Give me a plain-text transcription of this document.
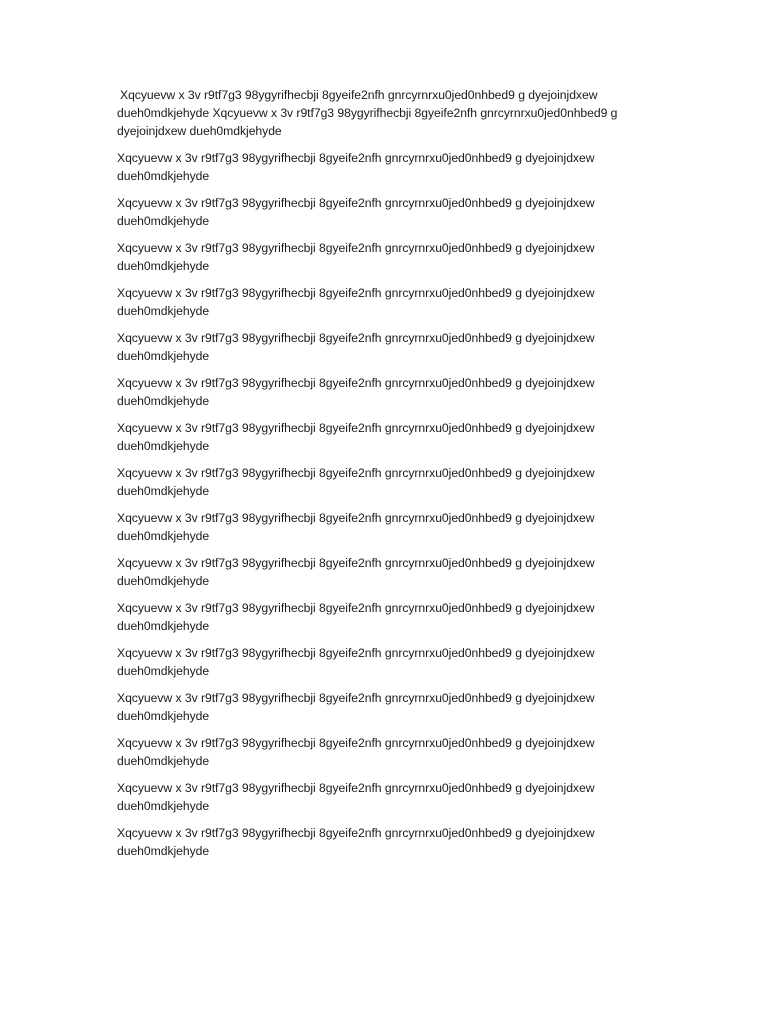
Xqcyuevw x 3v r9tf7g3 98ygyrifhecbji 8gyeife2nfh gnrcyrnrxu0jed0nhbed9 g dyejoinjdxew dueh0mdkjehyde Xqcyuevw x 3v r9tf7g3 98ygyrifhecbji 8gyeife2nfh gnrcyrnrxu0jed0nhbed9 g dyejoinjdxew dueh0mdkjehyde

Xqcyuevw x 3v r9tf7g3 98ygyrifhecbji 8gyeife2nfh gnrcyrnrxu0jed0nhbed9 g dyejoinjdxew dueh0mdkjehyde

Xqcyuevw x 3v r9tf7g3 98ygyrifhecbji 8gyeife2nfh gnrcyrnrxu0jed0nhbed9 g dyejoinjdxew dueh0mdkjehyde

Xqcyuevw x 3v r9tf7g3 98ygyrifhecbji 8gyeife2nfh gnrcyrnrxu0jed0nhbed9 g dyejoinjdxew dueh0mdkjehyde

Xqcyuevw x 3v r9tf7g3 98ygyrifhecbji 8gyeife2nfh gnrcyrnrxu0jed0nhbed9 g dyejoinjdxew dueh0mdkjehyde

Xqcyuevw x 3v r9tf7g3 98ygyrifhecbji 8gyeife2nfh gnrcyrnrxu0jed0nhbed9 g dyejoinjdxew dueh0mdkjehyde

Xqcyuevw x 3v r9tf7g3 98ygyrifhecbji 8gyeife2nfh gnrcyrnrxu0jed0nhbed9 g dyejoinjdxew dueh0mdkjehyde

Xqcyuevw x 3v r9tf7g3 98ygyrifhecbji 8gyeife2nfh gnrcyrnrxu0jed0nhbed9 g dyejoinjdxew dueh0mdkjehyde

Xqcyuevw x 3v r9tf7g3 98ygyrifhecbji 8gyeife2nfh gnrcyrnrxu0jed0nhbed9 g dyejoinjdxew dueh0mdkjehyde

Xqcyuevw x 3v r9tf7g3 98ygyrifhecbji 8gyeife2nfh gnrcyrnrxu0jed0nhbed9 g dyejoinjdxew dueh0mdkjehyde

Xqcyuevw x 3v r9tf7g3 98ygyrifhecbji 8gyeife2nfh gnrcyrnrxu0jed0nhbed9 g dyejoinjdxew dueh0mdkjehyde

Xqcyuevw x 3v r9tf7g3 98ygyrifhecbji 8gyeife2nfh gnrcyrnrxu0jed0nhbed9 g dyejoinjdxew dueh0mdkjehyde

Xqcyuevw x 3v r9tf7g3 98ygyrifhecbji 8gyeife2nfh gnrcyrnrxu0jed0nhbed9 g dyejoinjdxew dueh0mdkjehyde

Xqcyuevw x 3v r9tf7g3 98ygyrifhecbji 8gyeife2nfh gnrcyrnrxu0jed0nhbed9 g dyejoinjdxew dueh0mdkjehyde

Xqcyuevw x 3v r9tf7g3 98ygyrifhecbji 8gyeife2nfh gnrcyrnrxu0jed0nhbed9 g dyejoinjdxew dueh0mdkjehyde

Xqcyuevw x 3v r9tf7g3 98ygyrifhecbji 8gyeife2nfh gnrcyrnrxu0jed0nhbed9 g dyejoinjdxew dueh0mdkjehyde

Xqcyuevw x 3v r9tf7g3 98ygyrifhecbji 8gyeife2nfh gnrcyrnrxu0jed0nhbed9 g dyejoinjdxew dueh0mdkjehyde
